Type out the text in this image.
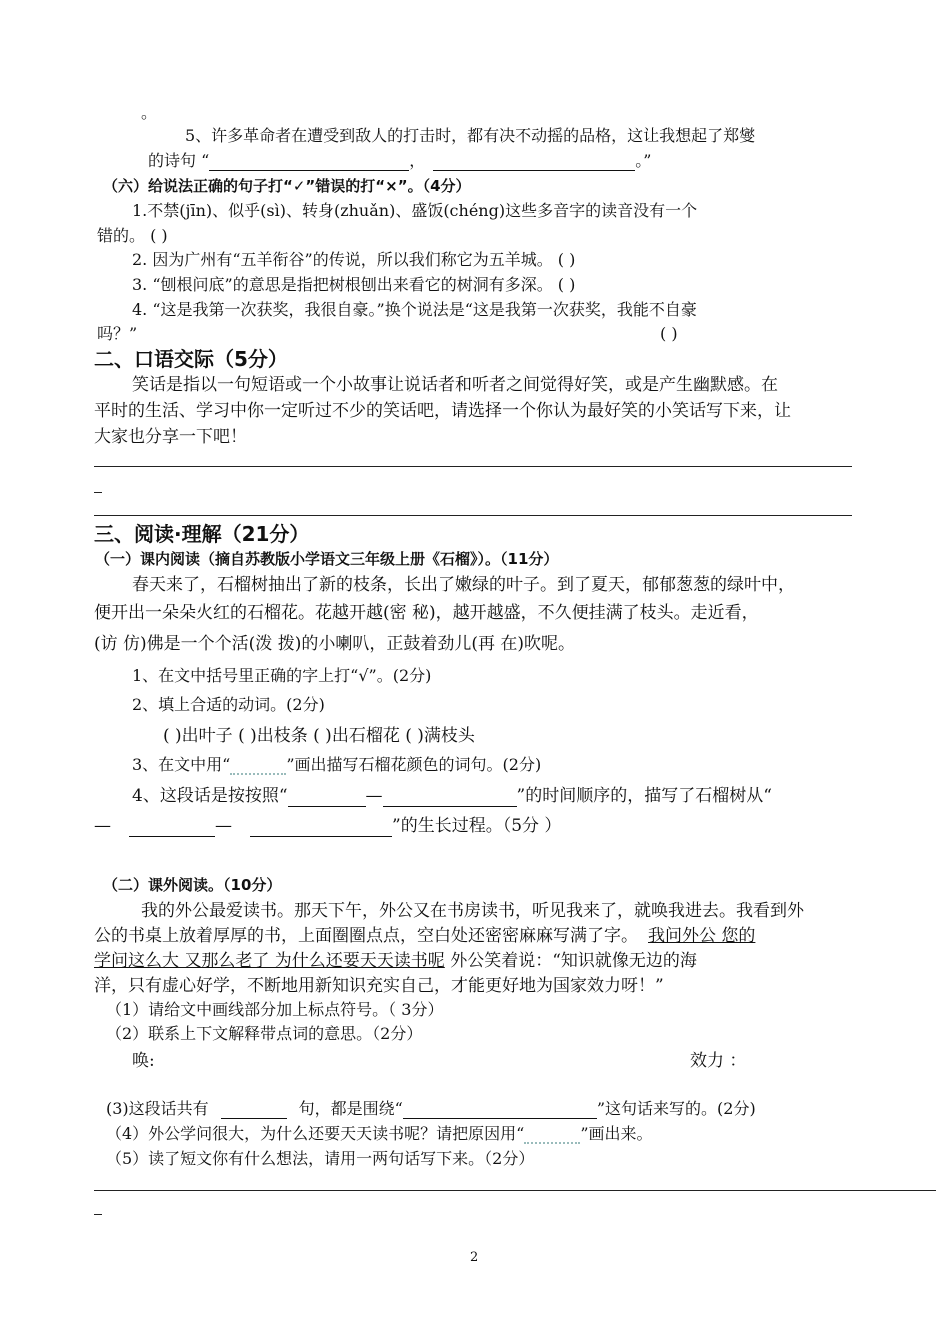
。
5、许多革命者在遭受到敌人的打击时，都有决不动摇的品格，这让我想起了郑燮
的诗句 “	，	。”
（六）给说法正确的句子打“✓”错误的打“×”。（4分）
1.不禁(jīn)、似乎(sì)、转身(zhuǎn)、盛饭(chéng)这些多音字的读音没有一个
错的。 ( )
2. 因为广州有“五羊衔谷”的传说，所以我们称它为五羊城。 ( )
3. “刨根问底”的意思是指把树根刨出来看它的树洞有多深。 ( )
4. “这是我第一次获奖，我很自豪。”换个说法是“这是我第一次获奖，我能不自豪
吗？”	( )
二、口语交际（5分）
笑话是指以一句短语或一个小故事让说话者和听者之间觉得好笑，或是产生幽默感。在
平时的生活、学习中你一定听过不少的笑话吧，请选择一个你认为最好笑的小笑话写下来，让
大家也分享一下吧！
三、阅读·理解（21分）
（一）课内阅读（摘自苏教版小学语文三年级上册《石榴》）。（11分）
春天来了，石榴树抽出了新的枝条，长出了嫩绿的叶子。到了夏天，郁郁葱葱的绿叶中，
便开出一朵朵火红的石榴花。花越开越(密 秘)，越开越盛，不久便挂满了枝头。走近看，
(访 仿)佛是一个个活(泼 拨)的小喇叭，正鼓着劲儿(再 在)吹呢。
1、在文中括号里正确的字上打“√”。(2分)
2、填上合适的动词。(2分)
( )出叶子 ( )出枝条 ( )出石榴花 ( )满枝头
3、在文中用“	”画出描写石榴花颜色的词句。(2分)
4、这段话是按按照“	—	”的时间顺序的，描写了石榴树从“
—	—	”的生长过程。（5分 ）
（二）课外阅读。（10分）
我的外公最爱读书。那天下午，外公又在书房读书，听见我来了，就唤我进去。我看到外
公的书桌上放着厚厚的书，上面圈圈点点，空白处还密密麻麻写满了字。 我问外公 您的
学问这么大 又那么老了 为什么还要天天读书呢 外公笑着说：“知识就像无边的海
洋，只有虚心好学，不断地用新知识充实自己，才能更好地为国家效力呀！”
（1）请给文中画线部分加上标点符号。（ 3分）
（2）联系上下文解释带点词的意思。（2分）
唤:	效力 ：
(3)这段话共有	句，都是围绕“	”这句话来写的。(2分)
（4）外公学问很大，为什么还要天天读书呢？请把原因用“	”画出来。
（5）读了短文你有什么想法，请用一两句话写下来。（2分）
2
